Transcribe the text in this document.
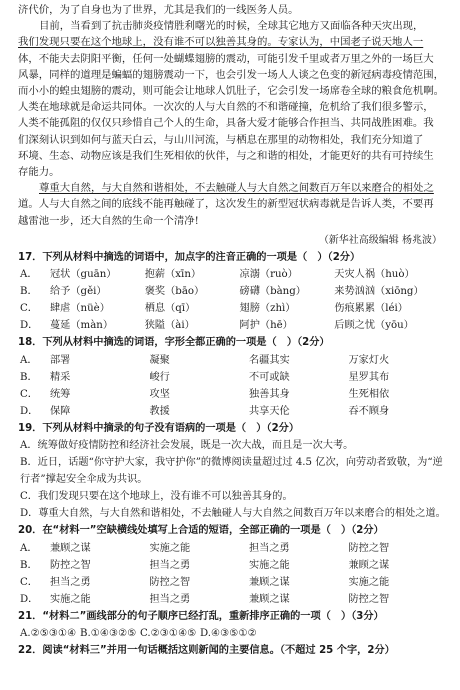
济代价，为了自身也为了世界，尤其是我们的一线医务人员。
目前，当看到了抗击肺炎疫情胜利曙光的时候，全球其它地方又面临各种天灾出现，
我们发现只要在这个地球上，没有谁不可以独善其身的。专家认为，中国老子说天地人一
体，不能夫去阴阳平衡，任何一处蝴蝶翅膀的震动，可能引发千里或者万里之外的一场巨大
风暴，同样的道理是蝙蝠的翅膀震动一下，也会引发一场人人谈之色变的新冠病毒疫情范围，
而小小的蝗虫翅膀的震动，则可能会让地球人饥肚子，它会引发一场席卷全球的粮食危机啊。
人类在地球就是命运共同体。一次次的人与大自然的不和谐碰撞，危机给了我们很多警示，
人类不能孤阻的仅仅只珍惜自己个人的生命，具备大爱才能够合作担当、共同战胜困难。我
们深刻认识到如何与蓝天白云，与山川河流，与栖息在那里的动物相处，我们充分知道了
环境、生态、动物应该是我们生死相依的伙伴，与之和谐的相处，才能更好的共有可持续生
存能力。
尊重大自然，与大自然和谐相处，不去触碰人与大自然之间数百万年以来磨合的相处之
道。人与大自然之间的底线不能再触碰了，这次发生的新型冠状病毒就是告诉人类，不要再
越雷池一步，还大自然的生命一个清净!
（新华社高级编辑 杨兆波）
17．下列从材料中摘选的词语中，加点字的注音正确的一项是（　）（2分）
A．	冠状（guān）	抱薪（xīn）	凉溺（ruò）	天灾人祸（huò）
B．	给予（gěi）	褒奖（bāo）	磅礴（bàng）	来势汹汹（xiōng）
C．	肆虐（nüè）	栖息（qī）	翅膀（zhì）	伤痕累累（léi）
D．	蔓延（màn）	狭隘（ài）	阿护（hē）	后顾之忧（yōu）
18．下列从材料中摘选的词语，字形全都正确的一项是（　）（2分）
A．	部署	凝聚	名疆其实	万家灯火
B．	精采	峻行	不可或缺	星罗其布
C．	统筹	攻坚	独善其身	生死相依
D．	保障	教援	共享天伦	吞不顾身
19．下列从材料中摘录的句子没有语病的一项是（　）（2分）
A．统筹做好疫情防控和经济社会发展，既是一次大战，而且是一次大考。
B．近日，话题“你守护大家，我守护你”的微博阅读量超过过 4.5 亿次，向劳动者致敬，为“逆行者”撑起安全伞成为共识。
C．我们发现只要在这个地球上，没有谁不可以独善其身的。
D．尊重大自然，与大自然和谐相处，不去触碰人与大自然之间数百万年以来磨合的相处之道。
20．在“材料一”空缺横线处填写上合适的短语，全部正确的一项是（　）（2分）
A．	兼顾之谋	实施之能	担当之勇	防控之智
B．	防控之智	担当之勇	实施之能	兼顾之谋
C．	担当之勇	防控之智	兼顾之谋	实施之能
D．	实施之能	担当之勇	兼顾之谋	防控之智
21．“材料二”画线部分的句子顺序已经打乱，重新排序正确的一项（　）（3分）
A.②⑤③①④ B.①④③②⑤ C.②③①④⑤ D.④③⑤①②
22．阅读“材料三”并用一句话概括这则新闻的主要信息。（不超过 25 个字，2分）
